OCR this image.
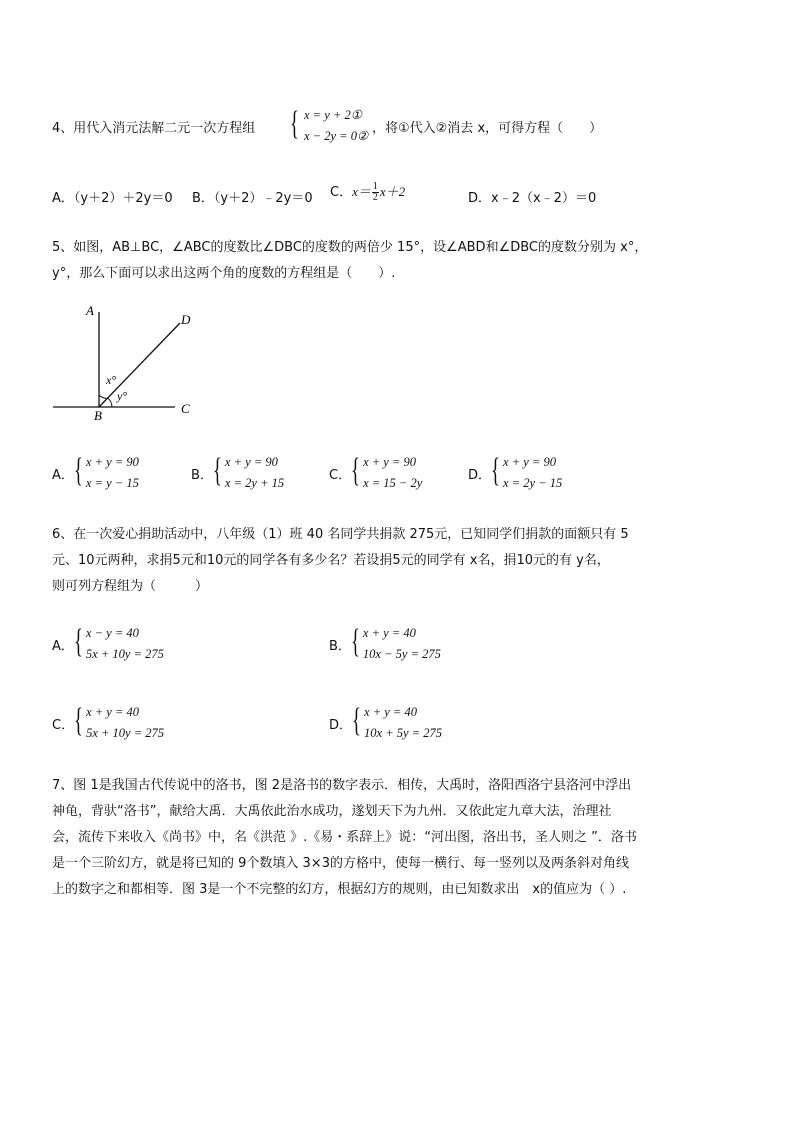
4、用代入消元法解二元一次方程组 { x = y + 2①
x − 2y = 0② ，将①代入②消去 x，可得方程（　　）
A．（y＋2）＋2y＝0 B．（y＋2）﹣2y＝0 C．$x= \frac{1}{2} x+2$	D．x﹣2（x﹣2）＝0
5、如图，AB⊥BC，∠ABC的度数比∠DBC的度数的两倍少 15°，设∠ABD和∠DBC的度数分别为 x°，
y°，那么下面可以求出这两个角的度数的方程组是（　　）.
A
B	C
D
x°
y°
A． { x + y = 90
x = y − 15
B． { x + y = 90
x = 2y + 15
C． { x + y = 90
x = 15 − 2y
D． { x + y = 90
x = 2y − 15
6、在一次爱心捐助活动中，八年级（1）班 40 名同学共捐款 275元，已知同学们捐款的面额只有 5
元、10元两种，求捐5元和10元的同学各有多少名？若设捐5元的同学有 x名，捐10元的有 y名，
则可列方程组为（　　　）
A． { x − y = 40
5x + 10y = 275
B． { x + y = 40
10x − 5y = 275
C． { x + y = 40
5x + 10y = 275
D． { x + y = 40
10x + 5y = 275
7、图 1是我国古代传说中的洛书，图 2是洛书的数字表示．相传，大禹时，洛阳西洛宁县洛河中浮出
神龟，背驮“洛书”，献给大禹．大禹依此治水成功，遂划天下为九州．又依此定九章大法，治理社
会，流传下来收入《尚书》中，名《洪范 》.《易・系辞上》说：“河出图，洛出书，圣人则之 ”．洛书
是一个三阶幻方，就是将已知的 9个数填入 3×3的方格中，使每一横行、每一竖列以及两条斜对角线
上的数字之和都相等．图 3是一个不完整的幻方，根据幻方的规则，由已知数求出　x的值应为（ ）.
